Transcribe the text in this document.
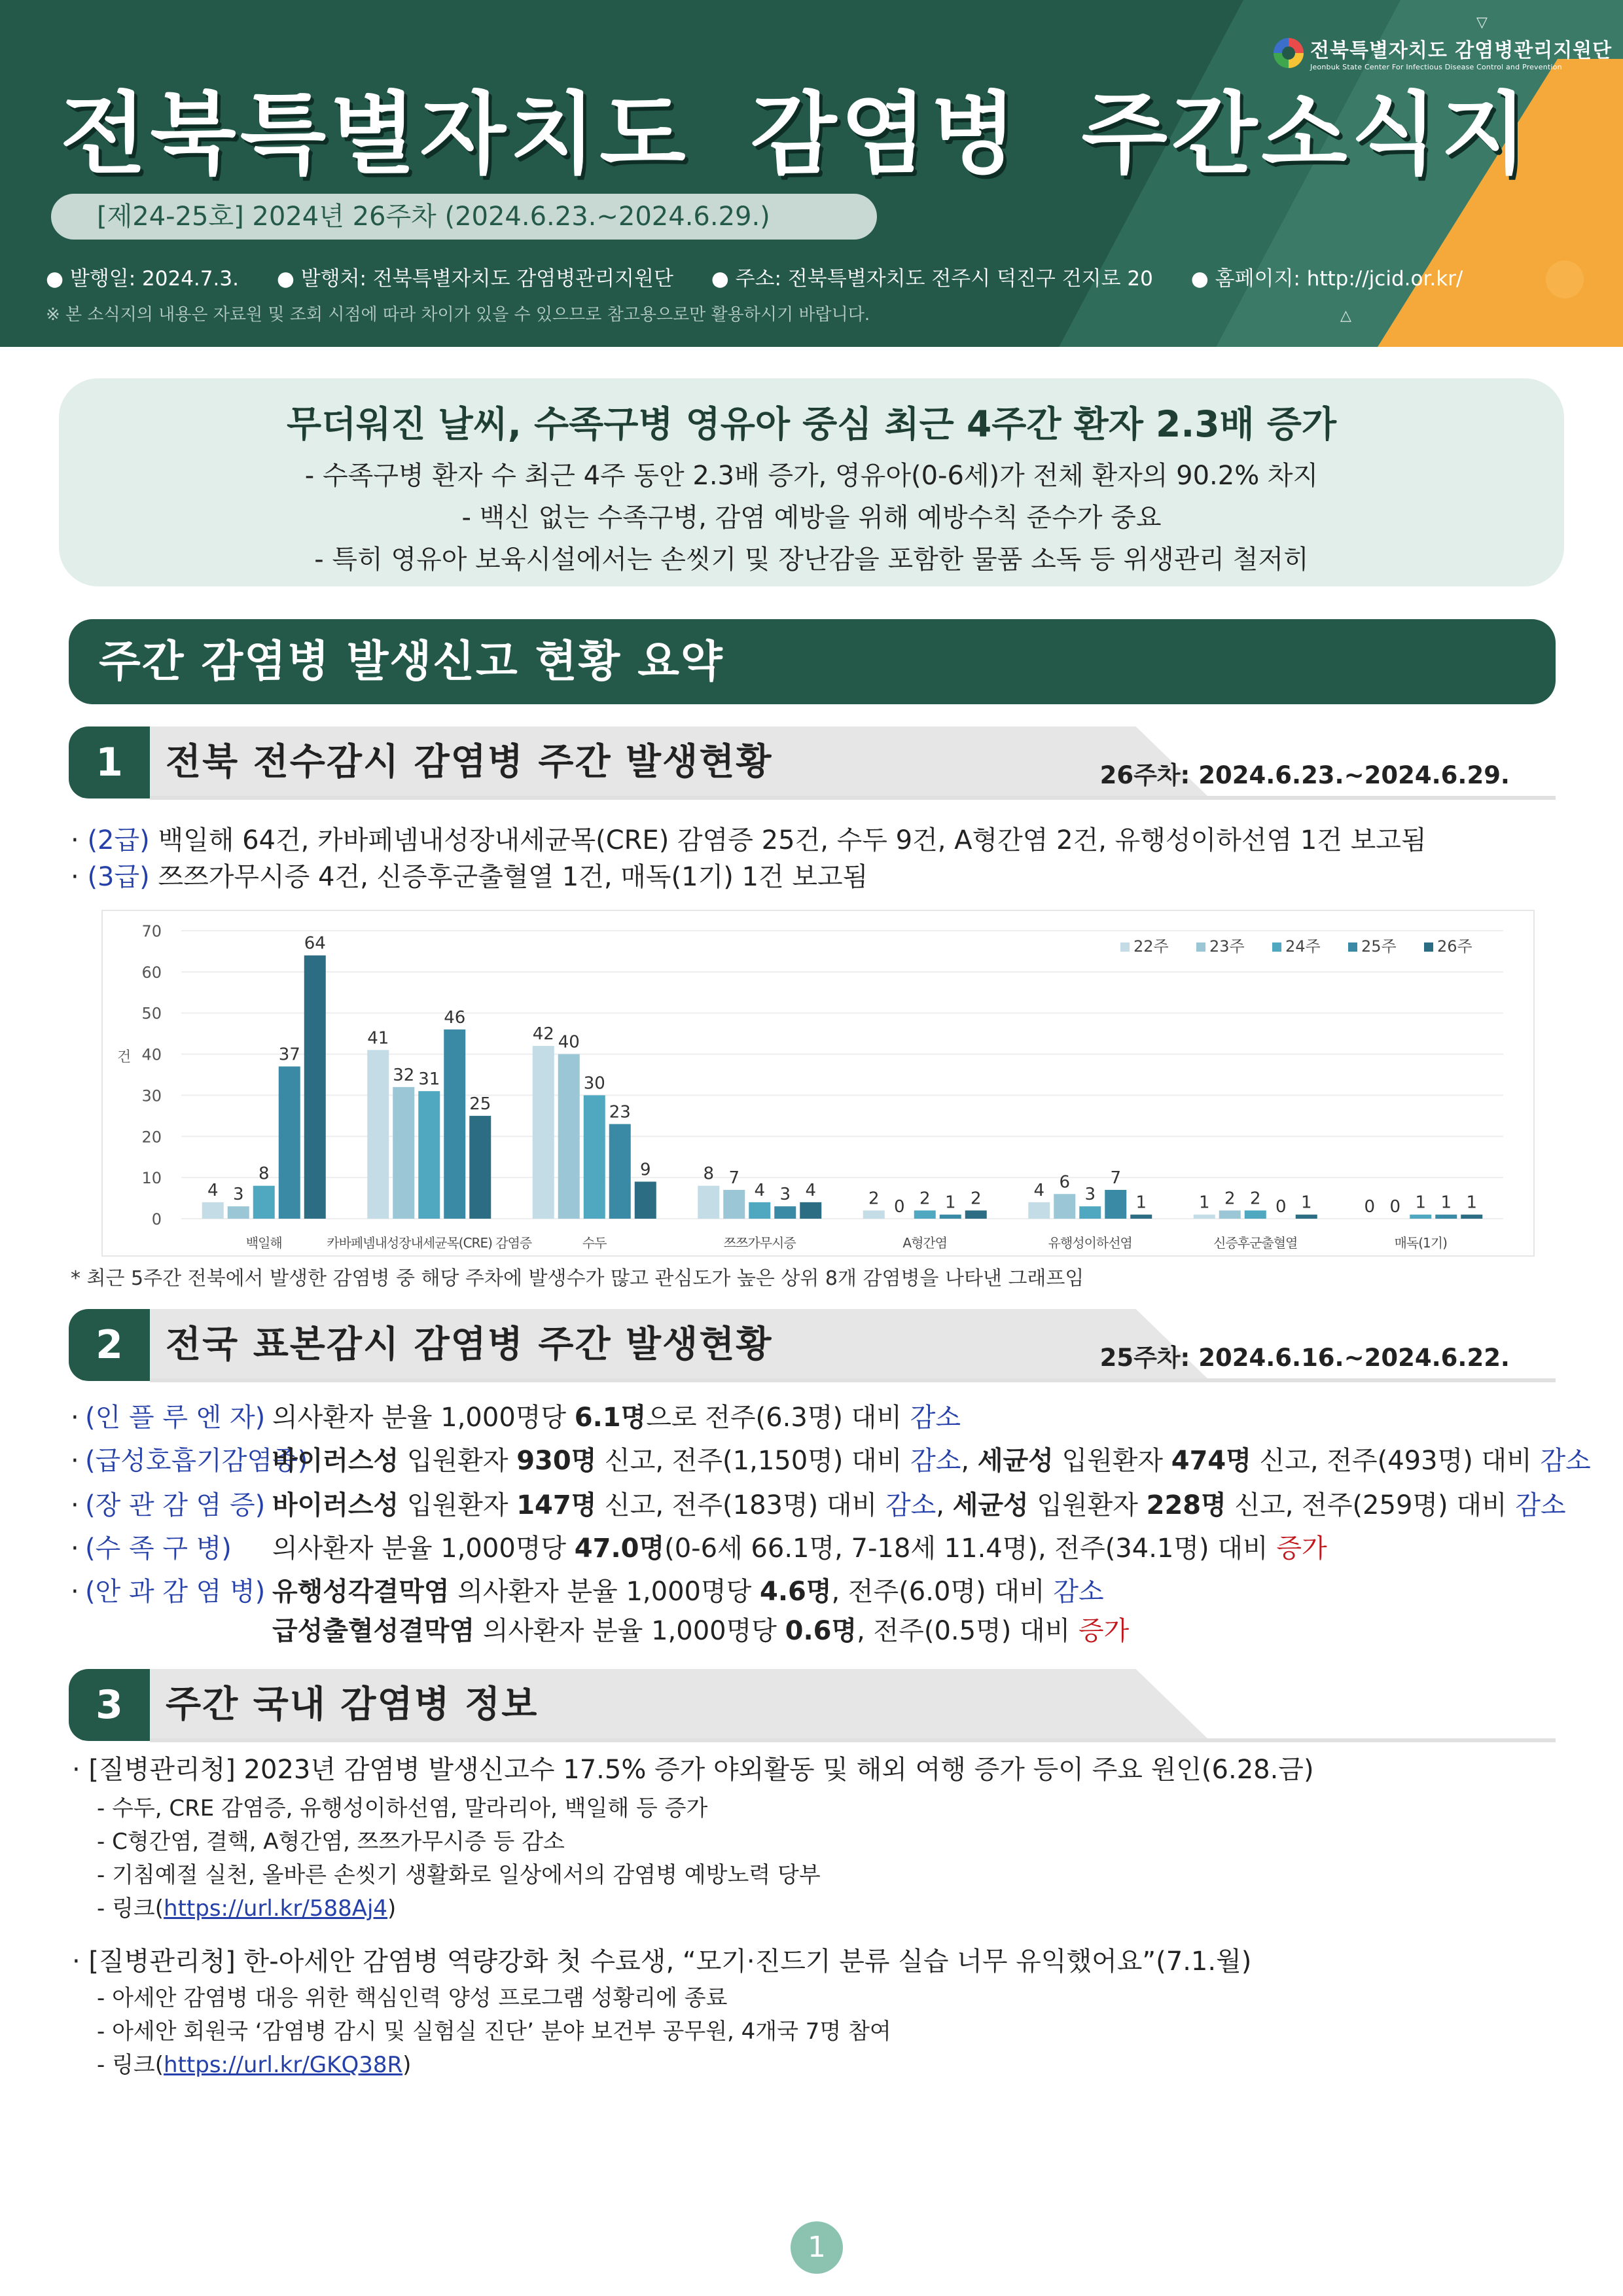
▽
△
전북특별자치도 감염병관리지원단
Jeonbuk State Center For Infectious Disease Control and Prevention
전북특별자치도 감염병 주간소식지
[제24-25호] 2024년 26주차 (2024.6.23.~2024.6.29.)
● 발행일: 2024.7.3. ● 발행처: 전북특별자치도 감염병관리지원단 ● 주소: 전북특별자치도 전주시 덕진구 건지로 20 ● 홈페이지: http://jcid.or.kr/
※ 본 소식지의 내용은 자료원 및 조회 시점에 따라 차이가 있을 수 있으므로 참고용으로만 활용하시기 바랍니다.
무더워진 날씨, 수족구병 영유아 중심 최근 4주간 환자 2.3배 증가
- 수족구병 환자 수 최근 4주 동안 2.3배 증가, 영유아(0-6세)가 전체 환자의 90.2% 차지
- 백신 없는 수족구병, 감염 예방을 위해 예방수칙 준수가 중요
- 특히 영유아 보육시설에서는 손씻기 및 장난감을 포함한 물품 소독 등 위생관리 철저히
주간 감염병 발생신고 현황 요약
1	전북 전수감시 감염병 주간 발생현황	26주차: 2024.6.23.~2024.6.29.
· (2급) 백일해 64건, 카바페넴내성장내세균목(CRE) 감염증 25건, 수두 9건, A형간염 2건, 유행성이하선염 1건 보고됨
· (3급) 쯔쯔가무시증 4건, 신증후군출혈열 1건, 매독(1기) 1건 보고됨
0
10
20
30
40
50
60
70
건
4 3
8
37
64
백일해
41
32 31
46
25
카바페넴내성장내세균목(CRE) 감염증
42 40
30
23
9
수두
8 7
4 3 4
쯔쯔가무시증
2 0 2 1 2
A형간염
4 6
3
7
1
유행성이하선염
1 2 2 0 1
신증후군출혈열
0 0 1 1 1
매독(1기)
22주	23주	24주	25주	26주
* 최근 5주간 전북에서 발생한 감염병 중 해당 주차에 발생수가 많고 관심도가 높은 상위 8개 감염병을 나타낸 그래프임
2	전국 표본감시 감염병 주간 발생현황	25주차: 2024.6.16.~2024.6.22.
·(인 플 루 엔 자) 의사환자 분율 1,000명당 6.1명으로 전주(6.3명) 대비 감소
·(급성호흡기감염증)바이러스성 입원환자 930명 신고, 전주(1,150명) 대비 감소, 세균성 입원환자 474명 신고, 전주(493명) 대비 감소
·(장 관 감 염 증) 바이러스성 입원환자 147명 신고, 전주(183명) 대비 감소, 세균성 입원환자 228명 신고, 전주(259명) 대비 감소
·(수 족 구 병) 의사환자 분율 1,000명당 47.0명(0-6세 66.1명, 7-18세 11.4명), 전주(34.1명) 대비 증가
·(안 과 감 염 병) 유행성각결막염 의사환자 분율 1,000명당 4.6명, 전주(6.0명) 대비 감소
급성출혈성결막염 의사환자 분율 1,000명당 0.6명, 전주(0.5명) 대비 증가
3	주간 국내 감염병 정보
· [질병관리청] 2023년 감염병 발생신고수 17.5% 증가 야외활동 및 해외 여행 증가 등이 주요 원인(6.28.금)
- 수두, CRE 감염증, 유행성이하선염, 말라리아, 백일해 등 증가
- C형간염, 결핵, A형간염, 쯔쯔가무시증 등 감소
- 기침예절 실천, 올바른 손씻기 생활화로 일상에서의 감염병 예방노력 당부
- 링크(https://url.kr/588Aj4)
· [질병관리청] 한-아세안 감염병 역량강화 첫 수료생, “모기·진드기 분류 실습 너무 유익했어요”(7.1.월)
- 아세안 감염병 대응 위한 핵심인력 양성 프로그램 성황리에 종료
- 아세안 회원국 ‘감염병 감시 및 실험실 진단’ 분야 보건부 공무원, 4개국 7명 참여
- 링크(https://url.kr/GKQ38R)
1
